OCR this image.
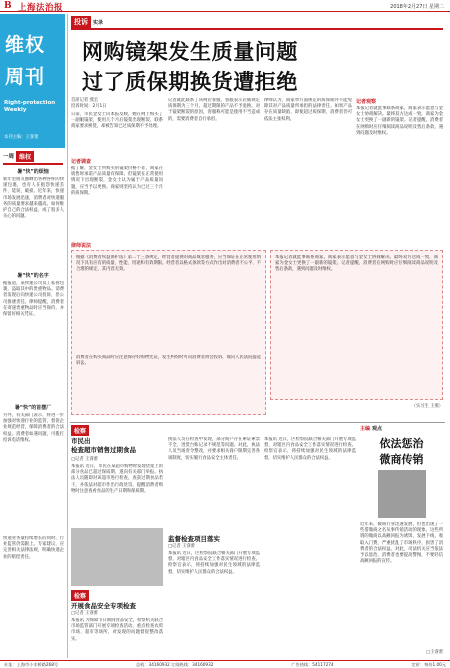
B 上海法治报	2018年2月27日 星期二
维权
周刊
Right-protection Weekly
本刊主编：王睿蕾
一周 维权
暑“快”的烦恼
新年里朋友圈晒出各种各样的快递包裹，也有人在抱怨快递丢件、延误、破损。近年来，快递市场发展迅速，消费者对快递服务的质量要求越来越高。如何维护自己的合法权益，成了很多人关心的问题。
暑“快”的名字
据报道，某快递公司员工私拆包裹，盗取其中的贵重物品。消费者发现后向快递公司投诉，但公司推诿责任。律师提醒，消费者在寄递贵重物品时应当保价，并保留好相关凭证。
暑“快”的首摆厂
另外，有关部门表示，将进一步加强对快递行业的监管，督促企业规范经营，保障消费者的合法权益。消费者如遇问题，可拨打投诉电话维权。
快递业务量持续增长的同时，行业监管仍需跟上。专家建议，应完善相关法律法规，明确快递企业的赔偿责任。
投诉	实录
网购镜架发生质量问题
过了质保期换货遭拒绝
首席记者 燕宏
投诉时间：2月1日
日前，市民金女士向本报反映，她在网上购买了一副眼镜架，使用几个月后镜架出现断裂，联系商家要求换货，却被告知已过质保期不予处理。
记者调查
据了解，金女士所购买的镜架价格不菲，商家在销售时承诺产品质量有保障。但镜架在正常使用情况下出现断裂，金女士认为属于产品质量问题，应当予以更换。商家则坚持认为已过三个月的质保期。
记者就此联系了该网店客服，客服表示店铺规定质保期为三个月，超过期限的产品不予退换。对于镜架断裂的原因，客服称可能是使用不当造成的，需要消费者自行承担。
律师认为，商家单方面规定的质保期并不能免除其对产品质量所承担的法律责任。如果产品存在质量缺陷，即使超过质保期，消费者仍可依法主张权利。
记者观察
本报记者就此事联系商家，商家表示愿意与金女士协商解决。最终双方达成一致，商家为金女士更换了一副新的镜架。记者提醒，消费者在网购时应仔细阅读商品说明及售后条款，遇到问题及时维权。
律师说法
根据《消费者权益保护法》第二十三条规定，经营者提供的商品或者服务，应当保证在正常使用情况下具有应有的质量、性能、用途和有效期限。经营者以格式条款等方式作出对消费者不公平、不合理的规定，其内容无效。
消费者在购买商品时应注意保存好购物凭证，发生纠纷时可向消费者协会投诉，或向人民法院提起诉讼。
本报记者就此事联系商家，商家表示愿意与金女士协商解决。最终双方达成一致，商家为金女士更换了一副新的镜架。记者提醒，消费者在网购时应仔细阅读商品说明及售后条款，遇到问题及时维权。
（实习生 王燕）
检察
市民出
检查超市销售过期食品
□记者 王睿蕾
本报讯 近日，市民在某超市购物时发现货架上的部分食品已超过保质期，遂向有关部门举报。执法人员随即对该超市进行检查，查获过期食品若干，并依法对超市作出行政处罚。提醒消费者购物时注意查看食品的生产日期和保质期。
检察
开展食品安全专项检查
□记者 王睿蕾
本报讯 为保障节日期间食品安全，检察机关联合市场监管部门开展专项检查活动，重点检查农贸市场、超市等场所，对发现的问题督促整改落实。
执法人员在检查中发现，部分商户存在索证索票不全、进货台账记录不规范等问题。对此，执法人员当场责令整改，并要求相关商户限期完善各项制度，切实履行食品安全主体责任。
监督检查项目落实
□记者 王睿蕾
本报讯 近日，区检察院联合相关部门开展专项监督，对辖区内食品安全工作落实情况进行检查。检察官表示，将持续加强对民生领域的法律监督，切实维护人民群众的合法权益。
本报讯 近日，区检察院联合相关部门开展专项监督，对辖区内食品安全工作落实情况进行检查。检察官表示，将持续加强对民生领域的法律监督，切实维护人民群众的合法权益。
主编 观点
依法惩治
微商传销
近年来，微商行业迅速发展，但也出现了一些借微商之名从事传销活动的现象。这些所谓的微商以高额回报为诱饵，发展下线，收取入门费，严重扰乱了市场秩序，损害了消费者的合法权益。对此，司法机关应当依法予以惩治，消费者也要提高警惕，不要轻信高额回报的宣传。
□王睿蕾
社址：上海市小木桥路268号	总机：34160932 订阅热线：34160932	广告热线：54117274	定价：每份1.00元
